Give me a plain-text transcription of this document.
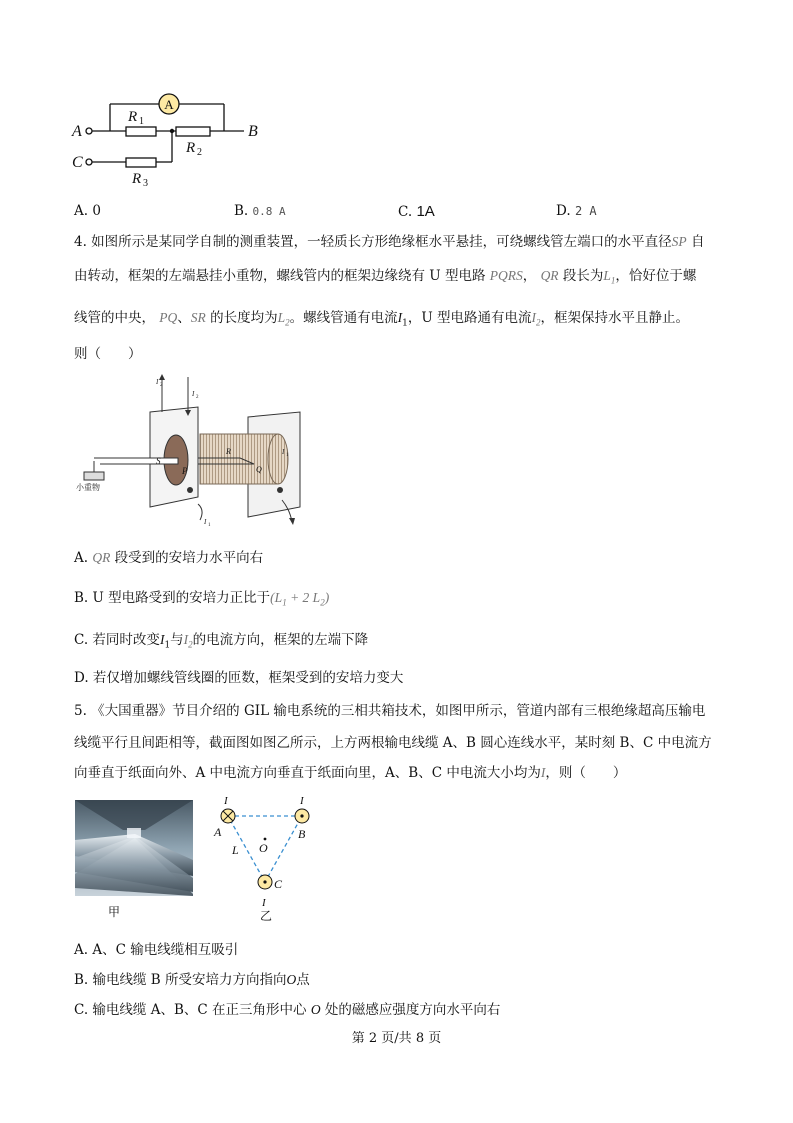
A
A	B
C
R 1
R 2
R 3
A. 0	B. 0.8 A	C. 1A	D. 2 A
4. 如图所示是某同学自制的测重装置，一轻质长方形绝缘框水平悬挂，可绕螺线管左端口的水平直径SP 自
由转动，框架的左端悬挂小重物，螺线管内的框架边缘绕有 U 型电路 PQRS， QR 段长为$L_1$，恰好位于螺
线管的中央， PQ、SR 的长度均为$L_2$。螺线管通有电流$I_1$，U 型电路通有电流$I_2$，框架保持水平且静止。
则（　　）
I 2
I 2
I 1
I 1
S
P
R
Q
小重物
A. QR 段受到的安培力水平向右
B. U 型电路受到的安培力正比于($L_1 + 2$ $L_2$)
C. 若同时改变$I_1$与$I_2$的电流方向，框架的左端下降
D. 若仅增加螺线管线圈的匝数，框架受到的安培力变大
5. 《大国重器》节目介绍的 GIL 输电系统的三相共箱技术，如图甲所示，管道内部有三根绝缘超高压输电
线缆平行且间距相等，截面图如图乙所示，上方两根输电线缆 A、B 圆心连线水平，某时刻 B、C 中电流方
向垂直于纸面向外、A 中电流方向垂直于纸面向里，A、B、C 中电流大小均为I，则（　　）
甲
I	I
I
A	B
C
O
L
乙
A. A、C 输电线缆相互吸引
B. 输电线缆 B 所受安培力方向指向O点
C. 输电线缆 A、B、C 在正三角形中心 O 处的磁感应强度方向水平向右
第 2 页/共 8 页
